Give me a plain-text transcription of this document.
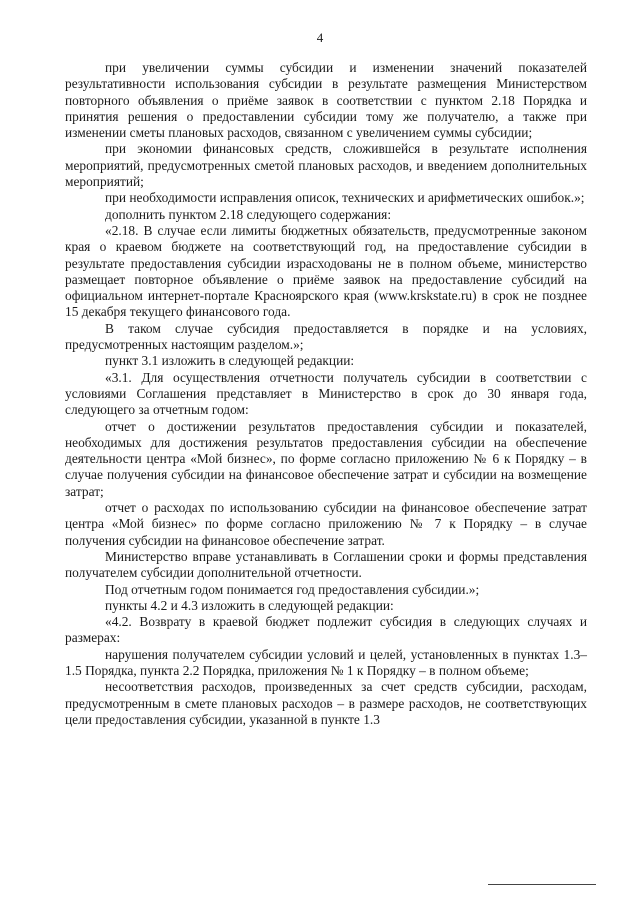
4

при увеличении суммы субсидии и изменении значений показателей результативности использования субсидии в результате размещения Министерством повторного объявления о приёме заявок в соответствии с пунктом 2.18 Порядка и принятия решения о предоставлении субсидии тому же получателю, а также при изменении сметы плановых расходов, связанном с увеличением суммы субсидии;

при экономии финансовых средств, сложившейся в результате исполнения мероприятий, предусмотренных сметой плановых расходов, и введением дополнительных мероприятий;

при необходимости исправления описок, технических и арифметических ошибок.»;

дополнить пунктом 2.18 следующего содержания:

«2.18. В случае если лимиты бюджетных обязательств, предусмотренные законом края о краевом бюджете на соответствующий год, на предоставление субсидии в результате предоставления субсидии израсходованы не в полном объеме, министерство размещает повторное объявление о приёме заявок на предоставление субсидий на официальном интернет-портале Красноярского края (www.krskstate.ru) в срок не позднее 15 декабря текущего финансового года.

В таком случае субсидия предоставляется в порядке и на условиях, предусмотренных настоящим разделом.»;

пункт 3.1 изложить в следующей редакции:

«3.1. Для осуществления отчетности получатель субсидии в соответствии с условиями Соглашения представляет в Министерство в срок до 30 января года, следующего за отчетным годом:

отчет о достижении результатов предоставления субсидии и показателей, необходимых для достижения результатов предоставления субсидии на обеспечение деятельности центра «Мой бизнес», по форме согласно приложению № 6 к Порядку – в случае получения субсидии на финансовое обеспечение затрат и субсидии на возмещение затрат;

отчет о расходах по использованию субсидии на финансовое обеспечение затрат центра «Мой бизнес» по форме согласно приложению № 7 к Порядку – в случае получения субсидии на финансовое обеспечение затрат.

Министерство вправе устанавливать в Соглашении сроки и формы представления получателем субсидии дополнительной отчетности.

Под отчетным годом понимается год предоставления субсидии.»;

пункты 4.2 и 4.3 изложить в следующей редакции:

«4.2. Возврату в краевой бюджет подлежит субсидия в следующих случаях и размерах:

нарушения получателем субсидии условий и целей, установленных в пунктах 1.3–1.5 Порядка, пункта 2.2 Порядка, приложения № 1 к Порядку – в полном объеме;

несоответствия расходов, произведенных за счет средств субсидии, расходам, предусмотренным в смете плановых расходов – в размере расходов, не соответствующих цели предоставления субсидии, указанной в пункте 1.3
